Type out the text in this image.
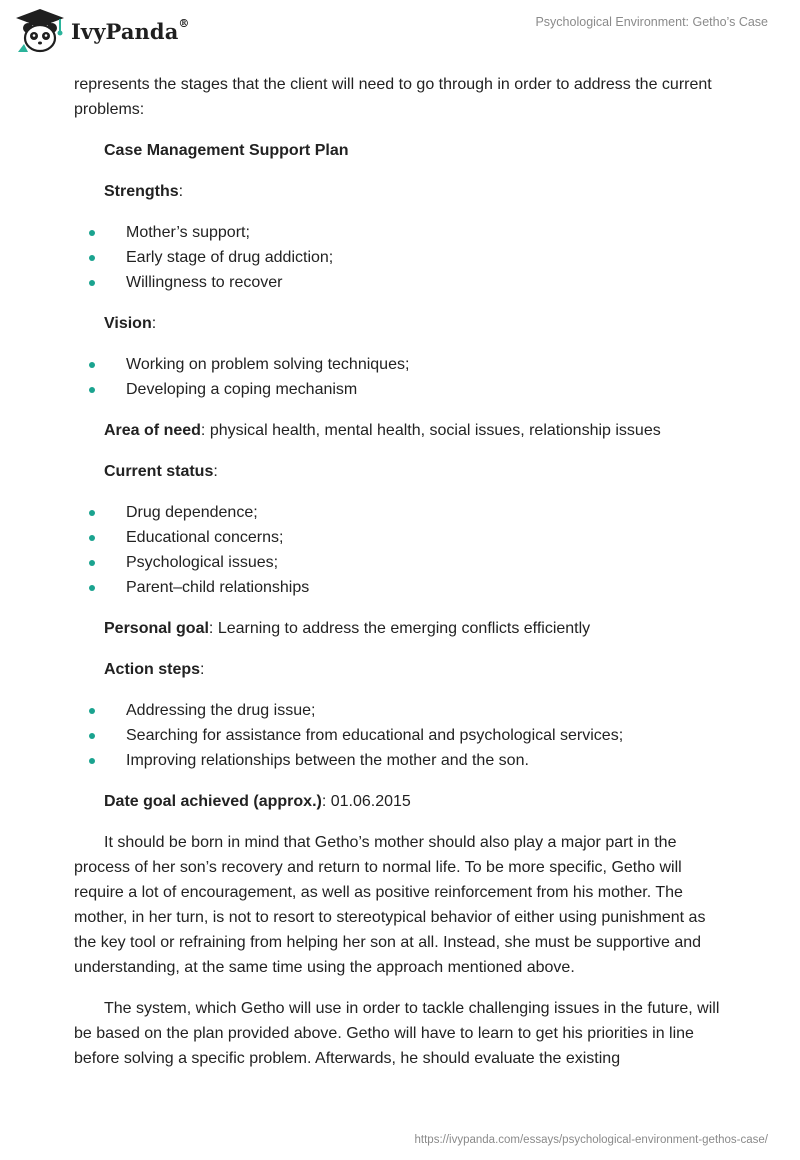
IvyPanda®	Psychological Environment: Getho’s Case

represents the stages that the client will need to go through in order to address the current problems:

Case Management Support Plan

Strengths:

Mother’s support;
Early stage of drug addiction;
Willingness to recover

Vision:

Working on problem solving techniques;
Developing a coping mechanism

Area of need: physical health, mental health, social issues, relationship issues

Current status:

Drug dependence;
Educational concerns;
Psychological issues;
Parent–child relationships

Personal goal: Learning to address the emerging conflicts efficiently

Action steps:

Addressing the drug issue;
Searching for assistance from educational and psychological services;
Improving relationships between the mother and the son.

Date goal achieved (approx.): 01.06.2015

It should be born in mind that Getho’s mother should also play a major part in the process of her son’s recovery and return to normal life. To be more specific, Getho will require a lot of encouragement, as well as positive reinforcement from his mother. The mother, in her turn, is not to resort to stereotypical behavior of either using punishment as the key tool or refraining from helping her son at all. Instead, she must be supportive and understanding, at the same time using the approach mentioned above.

The system, which Getho will use in order to tackle challenging issues in the future, will be based on the plan provided above. Getho will have to learn to get his priorities in line before solving a specific problem. Afterwards, he should evaluate the existing

https://ivypanda.com/essays/psychological-environment-gethos-case/
